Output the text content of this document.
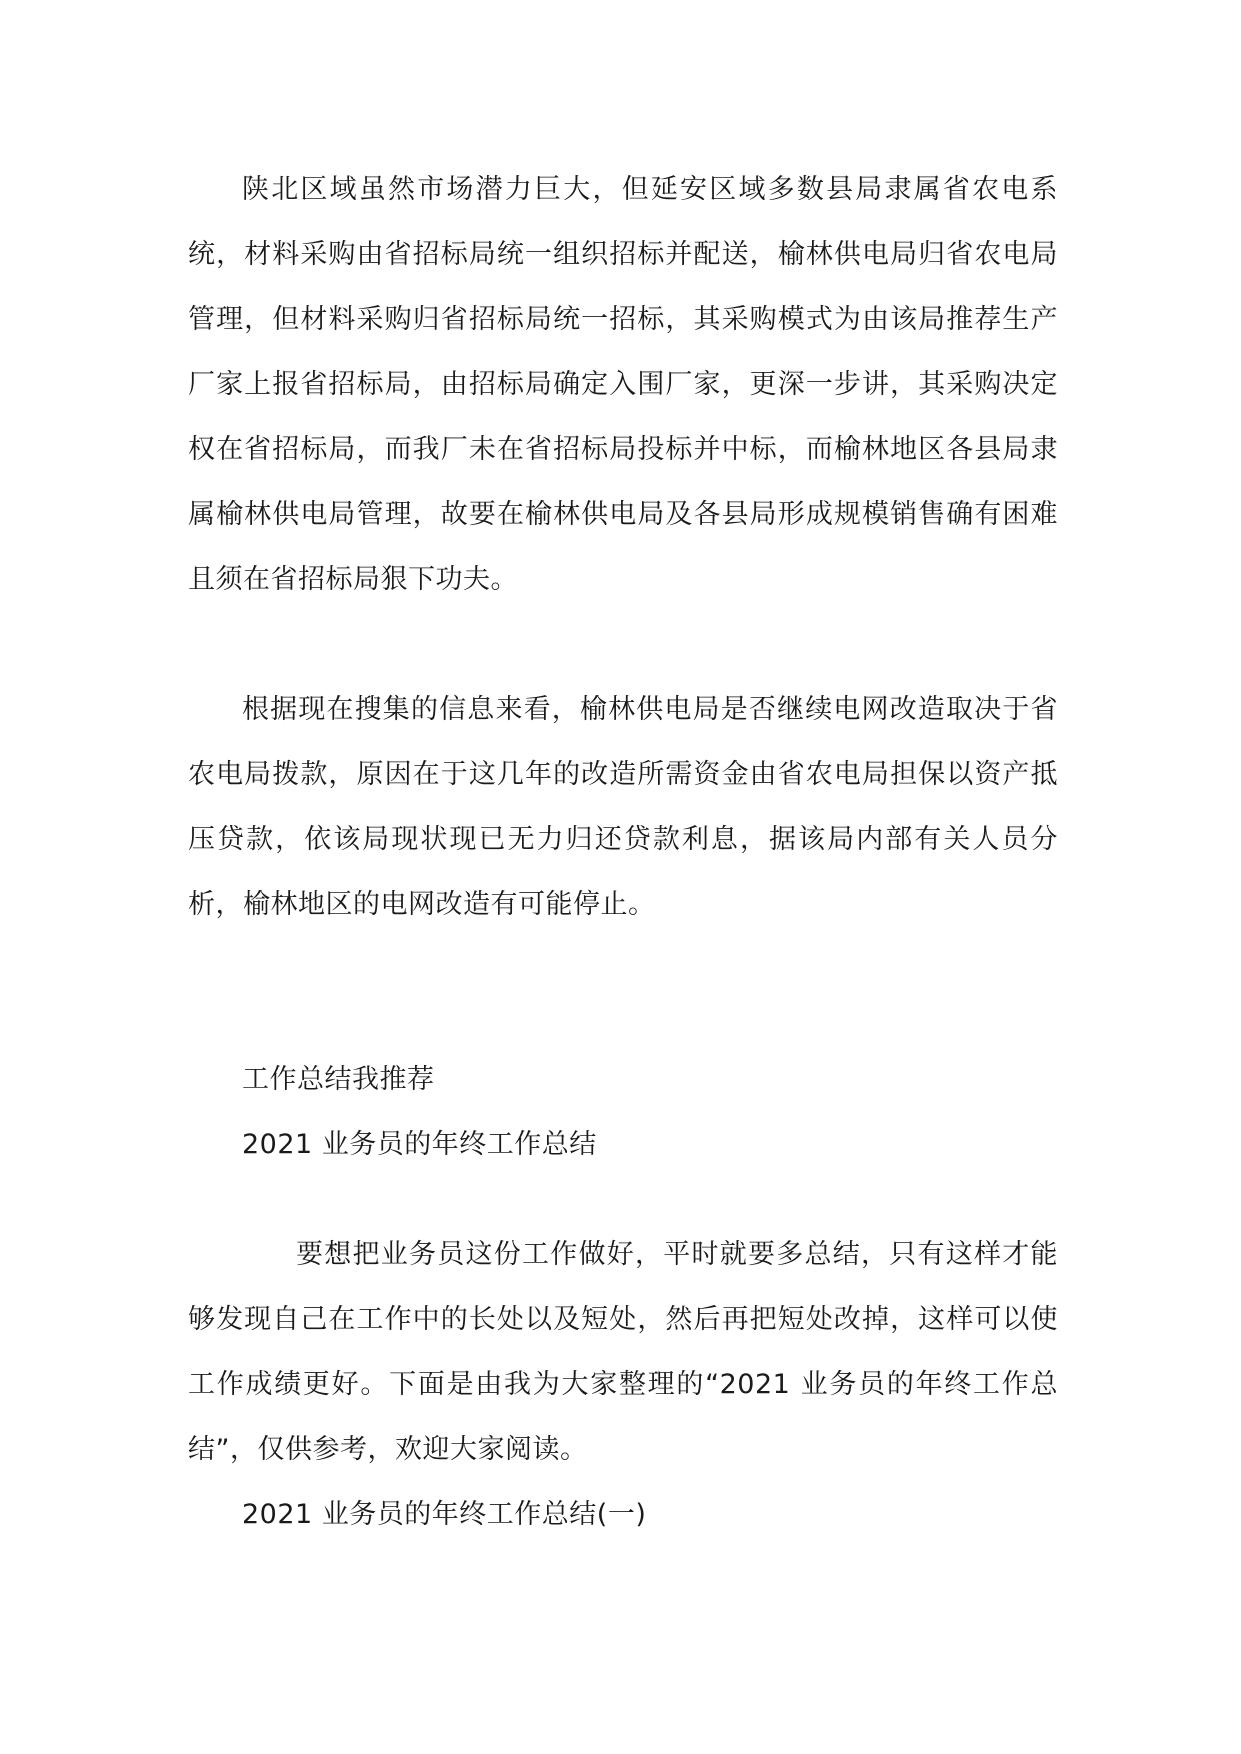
陕北区域虽然市场潜力巨大，但延安区域多数县局隶属省农电系统，材料采购由省招标局统一组织招标并配送，榆林供电局归省农电局管理，但材料采购归省招标局统一招标，其采购模式为由该局推荐生产厂家上报省招标局，由招标局确定入围厂家，更深一步讲，其采购决定权在省招标局，而我厂未在省招标局投标并中标，而榆林地区各县局隶属榆林供电局管理，故要在榆林供电局及各县局形成规模销售确有困难且须在省招标局狠下功夫。

根据现在搜集的信息来看，榆林供电局是否继续电网改造取决于省农电局拨款，原因在于这几年的改造所需资金由省农电局担保以资产抵压贷款，依该局现状现已无力归还贷款利息，据该局内部有关人员分析，榆林地区的电网改造有可能停止。

工作总结我推荐

2021 业务员的年终工作总结

要想把业务员这份工作做好，平时就要多总结，只有这样才能够发现自己在工作中的长处以及短处，然后再把短处改掉，这样可以使工作成绩更好。下面是由我为大家整理的“2021 业务员的年终工作总结”，仅供参考，欢迎大家阅读。

2021 业务员的年终工作总结(一)
